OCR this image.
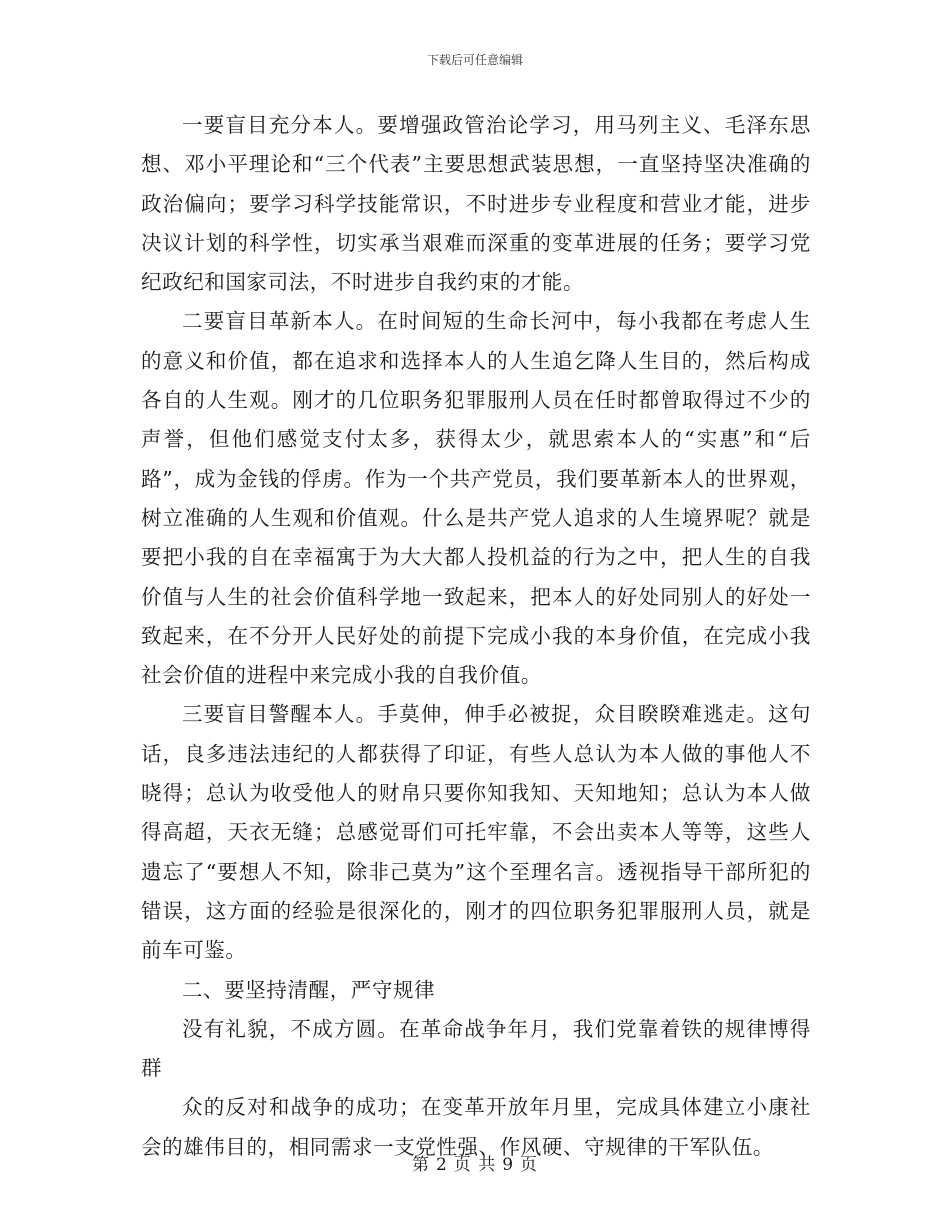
下载后可任意编辑

一要盲目充分本人。要增强政管治论学习，用马列主义、毛泽东思想、邓小平理论和“三个代表”主要思想武装思想，一直坚持坚决准确的政治偏向；要学习科学技能常识，不时进步专业程度和营业才能，进步决议计划的科学性，切实承当艰难而深重的变革进展的任务；要学习党纪政纪和国家司法，不时进步自我约束的才能。

二要盲目革新本人。在时间短的生命长河中，每小我都在考虑人生的意义和价值，都在追求和选择本人的人生追乞降人生目的，然后构成各自的人生观。刚才的几位职务犯罪服刑人员在任时都曾取得过不少的声誉，但他们感觉支付太多，获得太少，就思索本人的“实惠”和“后路”，成为金钱的俘虏。作为一个共产党员，我们要革新本人的世界观，树立准确的人生观和价值观。什么是共产党人追求的人生境界呢？就是要把小我的自在幸福寓于为大大都人投机益的行为之中，把人生的自我价值与人生的社会价值科学地一致起来，把本人的好处同别人的好处一致起来，在不分开人民好处的前提下完成小我的本身价值，在完成小我社会价值的进程中来完成小我的自我价值。

三要盲目警醒本人。手莫伸，伸手必被捉，众目睽睽难逃走。这句话，良多违法违纪的人都获得了印证，有些人总认为本人做的事他人不晓得；总认为收受他人的财帛只要你知我知、天知地知；总认为本人做得高超，天衣无缝；总感觉哥们可托牢靠，不会出卖本人等等，这些人遗忘了“要想人不知，除非己莫为”这个至理名言。透视指导干部所犯的错误，这方面的经验是很深化的，刚才的四位职务犯罪服刑人员，就是前车可鉴。

二、要坚持清醒，严守规律

没有礼貌，不成方圆。在革命战争年月，我们党靠着铁的规律博得群

众的反对和战争的成功；在变革开放年月里，完成具体建立小康社会的雄伟目的，相同需求一支党性强、作风硬、守规律的干军队伍。

第 2 页 共 9 页
